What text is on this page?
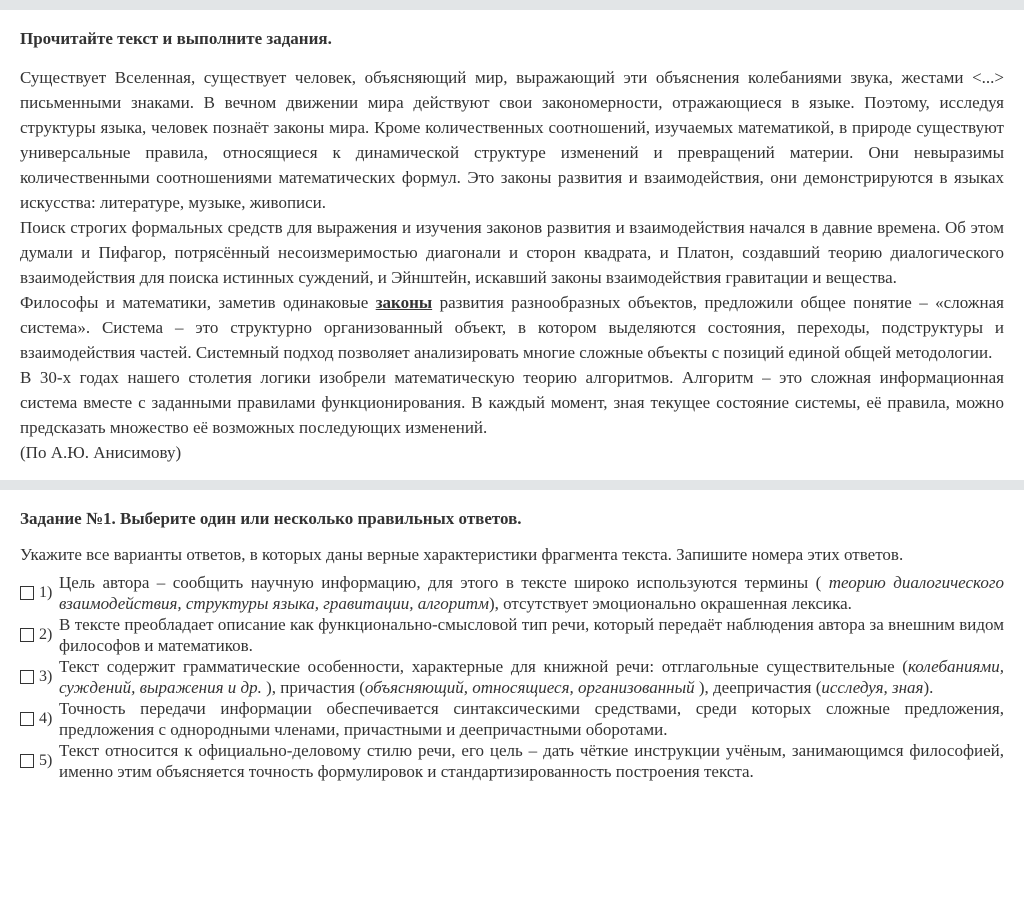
Прочитайте текст и выполните задания.

Существует Вселенная, существует человек, объясняющий мир, выражающий эти объяснения колебаниями звука, жестами <...> письменными знаками. В вечном движении мира действуют свои закономерности, отражающиеся в языке. Поэтому, исследуя структуры языка, человек познаёт законы мира. Кроме количественных соотношений, изучаемых математикой, в природе существуют универсальные правила, относящиеся к динамической структуре изменений и превращений материи. Они невыразимы количественными соотношениями математических формул. Это законы развития и взаимодействия, они демонстрируются в языках искусства: литературе, музыке, живописи.

Поиск строгих формальных средств для выражения и изучения законов развития и взаимодействия начался в давние времена. Об этом думали и Пифагор, потрясённый несоизмеримостью диагонали и сторон квадрата, и Платон, создавший теорию диалогического взаимодействия для поиска истинных суждений, и Эйнштейн, искавший законы взаимодействия гравитации и вещества.

Философы и математики, заметив одинаковые законы развития разнообразных объектов, предложили общее понятие – «сложная система». Система – это структурно организованный объект, в котором выделяются состояния, переходы, подструктуры и взаимодействия частей. Системный подход позволяет анализировать многие сложные объекты с позиций единой общей методологии.

В 30-х годах нашего столетия логики изобрели математическую теорию алгоритмов. Алгоритм – это сложная информационная система вместе с заданными правилами функционирования. В каждый момент, зная текущее состояние системы, её правила, можно предсказать множество её возможных последующих изменений.

(По А.Ю. Анисимову)

Задание №1. Выберите один или несколько правильных ответов.
Укажите все варианты ответов, в которых даны верные характеристики фрагмента текста. Запишите номера этих ответов.
1)
Цель автора – сообщить научную информацию, для этого в тексте широко используются термины ( теорию диалогического взаимодействия, структуры языка, гравитации, алгоритм), отсутствует эмоционально окрашенная лексика.
2)
В тексте преобладает описание как функционально-смысловой тип речи, который передаёт наблюдения автора за внешним видом философов и математиков.
3)
Текст содержит грамматические особенности, характерные для книжной речи: отглагольные существительные (колебаниями, суждений, выражения и др. ), причастия (объясняющий, относящиеся, организованный ), деепричастия (исследуя, зная).
4)
Точность передачи информации обеспечивается синтаксическими средствами, среди которых сложные предложения, предложения с однородными членами, причастными и деепричастными оборотами.
5)
Текст относится к официально-деловому стилю речи, его цель – дать чёткие инструкции учёным, занимающимся философией, именно этим объясняется точность формулировок и стандартизированность построения текста.
